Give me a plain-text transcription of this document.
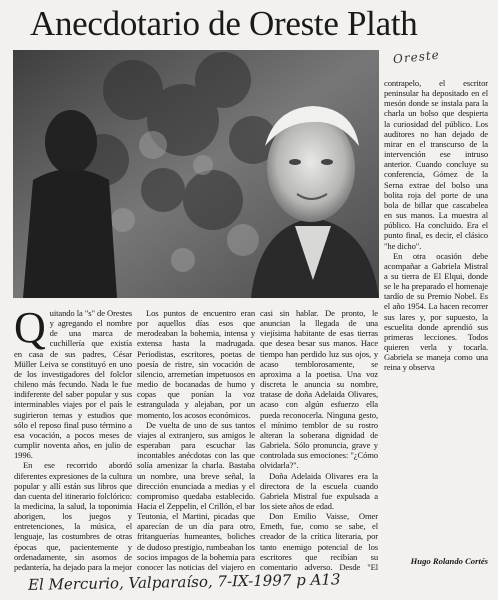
Anecdotario de Oreste Plath
Oreste

Quitando la "s" de Orestes y agregando el nombre de una marca de cuchillería que existía en casa de sus padres, César Müller Leiva se constituyó en uno de los investigadores del folclor chileno más fecundo. Nada le fue indiferente del saber popular y sus interminables viajes por el país le sugirieron temas y estudios que sólo el reposo final puso término a esa vocación, a pocos meses de cumplir noventa años, en julio de 1996.

En ese recorrido abordó diferentes expresiones de la cultura popular y allí están sus libros que dan cuenta del itinerario folclórico: la medicina, la salud, la toponimia aborigen, los juegos y entretenciones, la música, el lenguaje, las costumbres de otras épocas que, pacientemente y ordenadamente, sin asomos de pedantería, ha dejado para la mejor

Los puntos de encuentro eran por aquellos días esos que merodeaban la bohemia, intensa y extensa hasta la madrugada. Periodistas, escritores, poetas de poesía de ristre, sin vocación de silencio, arremetían impetuosos en medio de bocanadas de humo y copas que ponían la voz estrangulada y alejaban, por un momento, los acosos económicos.

De vuelta de uno de sus tantos viajes al extranjero, sus amigos le esperaban para escuchar las incontables anécdotas con las que solía amenizar la charla. Bastaba un nombre, una breve señal, la dirección enunciada a medias y el compromiso quedaba establecido. Hacia el Zeppelin, el Crillón, el bar Teutonia, el Martini, picadas que aparecían de un día para otro, fritanguerías humeantes, boliches de dudoso prestigio, rumbeaban los socios impagos de la bohemia para conocer las noticias del viajero en

casi sin hablar. De pronto, le anuncian la llegada de una viejísima habitante de esas tierras que desea besar sus manos. Hace tiempo han perdido luz sus ojos, y acaso temblorosamente, se aproxima a la poetisa. Una voz discreta le anuncia su nombre, tratase de doña Adelaida Olivares, acaso con algún esfuerzo ella pueda reconocerla. Ninguna gesto, el mínimo temblor de su rostro alteran la soberana dignidad de Gabriela. Sólo pronuncia, grave y controlada sus emociones: "¿Cómo olvidarla?".

Doña Adelaida Olivares era la directora de la escuela cuando Gabriela Mistral fue expulsada a los siete años de edad.

Don Emilio Vaisse, Omer Emeth, fue, como se sabe, el creador de la crítica literaria, por tanto enemigo potencial de los escritores que recibían su comentario adverso. Desde "El

contrapelo, el escritor peninsular ha depositado en el mesón donde se instala para la charla un bolso que despierta la curiosidad del público. Los auditores no han dejado de mirar en el transcurso de la intervención ese intruso anterior. Cuando concluye su conferencia, Gómez de la Serna extrae del bolso una bolita roja del porte de una bola de billar que cascabelea en sus manos. La muestra al público. Ha concluido. Era el punto final, es decir, el clásico "he dicho".

En otra ocasión debe acompañar a Gabriela Mistral a su tierra de El Elqui, donde se le ha preparado el homenaje tardío de su Premio Nobel. Es el año 1954. La hacen recorrer sus lares y, por supuesto, la escuelita donde aprendió sus primeras lecciones. Todos quieren verla y tocarla. Gabriela se maneja como una reina y observa

Hugo Rolando Cortés
El Mercurio, Valparaíso, 7-IX-1997 p A13
